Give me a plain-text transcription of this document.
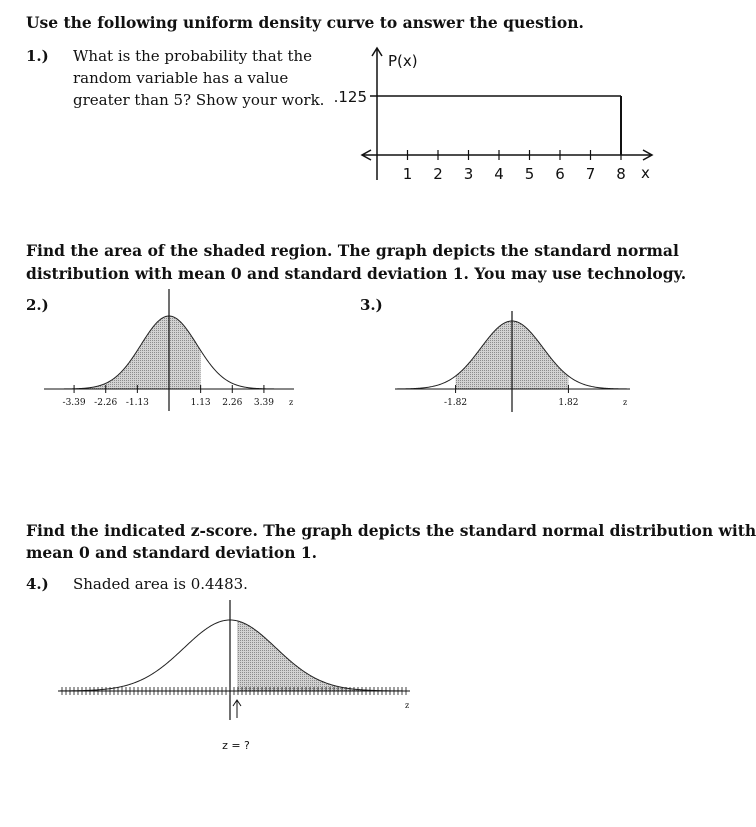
Use the following uniform density curve to answer the question.
1.) What is the probability that the
random variable has a value
greater than 5? Show your work.
P(x)
.125
1 2 3 4 5 6 7 8 x
Find the area of the shaded region. The graph depicts the standard normal
distribution with mean 0 and standard deviation 1. You may use technology.
2.)	3.)
-3.39 -2.26 -1.13	1.13 2.26 3.39 z	-1.82	1.82	z
Find the indicated z-score. The graph depicts the standard normal distribution with
mean 0 and standard deviation 1.
4.) Shaded area is 0.4483.
z
z = ?
